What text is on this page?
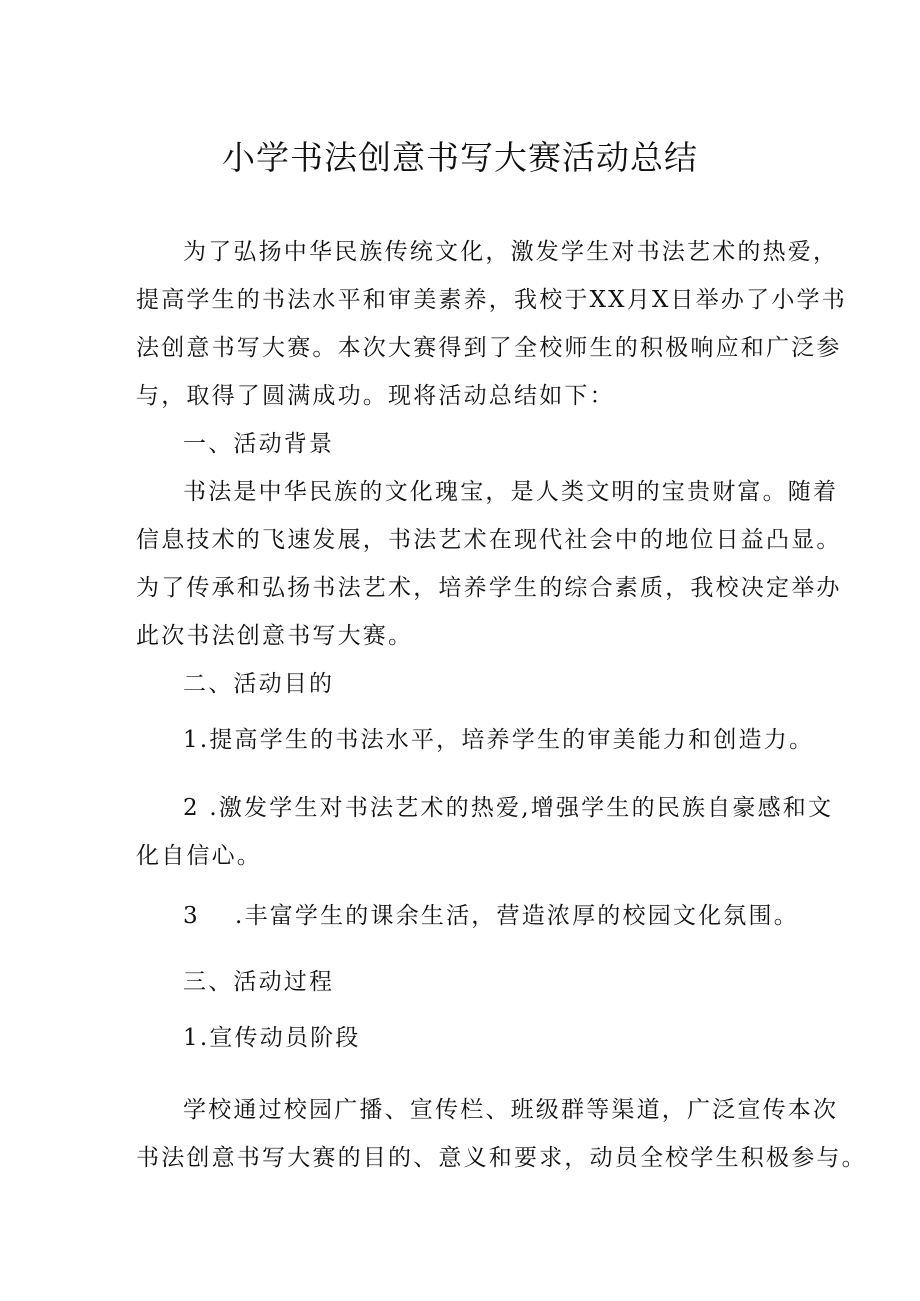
小学书法创意书写大赛活动总结

为了弘扬中华民族传统文化，激发学生对书法艺术的热爱，

提高学生的书法水平和审美素养，我校于XX月X日举办了小学书

法创意书写大赛。本次大赛得到了全校师生的积极响应和广泛参

与，取得了圆满成功。现将活动总结如下：

一、活动背景

书法是中华民族的文化瑰宝，是人类文明的宝贵财富。随着

信息技术的飞速发展，书法艺术在现代社会中的地位日益凸显。

为了传承和弘扬书法艺术，培养学生的综合素质，我校决定举办

此次书法创意书写大赛。

二、活动目的

1.提高学生的书法水平，培养学生的审美能力和创造力。

2 .激发学生对书法艺术的热爱,增强学生的民族自豪感和文

化自信心。

3 .丰富学生的课余生活，营造浓厚的校园文化氛围。

三、活动过程

1.宣传动员阶段

学校通过校园广播、宣传栏、班级群等渠道，广泛宣传本次

书法创意书写大赛的目的、意义和要求，动员全校学生积极参与。
